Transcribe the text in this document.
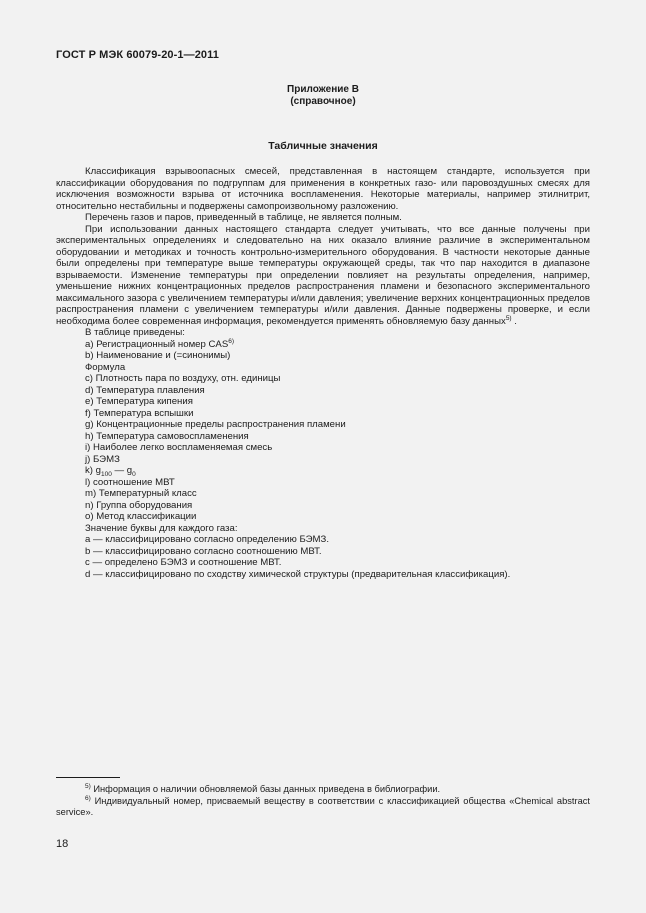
ГОСТ Р МЭК 60079-20-1—2011
Приложение В
(справочное)
Табличные значения

Классификация взрывоопасных смесей, представленная в настоящем стандарте, используется при классификации оборудования по подгруппам для применения в конкретных газо- или паровоздушных смесях для исключения возможности взрыва от источника воспламенения. Некоторые материалы, например этилнитрит, относительно нестабильны и подвержены самопроизвольному разложению.

Перечень газов и паров, приведенный в таблице, не является полным.

При использовании данных настоящего стандарта следует учитывать, что все данные получены при экспериментальных определениях и следовательно на них оказало влияние различие в экспериментальном оборудовании и методиках и точность контрольно-измерительного оборудования. В частности некоторые данные были определены при температуре выше температуры окружающей среды, так что пар находится в диапазоне взрываемости. Изменение температуры при определении повлияет на результаты определения, например, уменьшение нижних концентрационных пределов распространения пламени и безопасного экспериментального максимального зазора с увеличением температуры и/или давления; увеличение верхних концентрационных пределов распространения пламени с увеличением температуры и/или давления. Данные подвержены проверке, и если необходима более современная информация, рекомендуется применять обновляемую базу данных$^{5)}$ .

В таблице приведены:

а) Регистрационный номер CAS$^{6)}$
b) Наименование и (=синонимы)
Формула
c) Плотность пара по воздуху, отн. единицы
d) Температура плавления
e) Температура кипения
f) Температура вспышки
g) Концентрационные пределы распространения пламени
h) Температура самовоспламенения
i) Наиболее легко воспламеняемая смесь
j) БЭМЗ
k) $g_{100}$ — $g_0$
l) соотношение МВТ
m) Температурный класс
n) Группа оборудования
o) Метод классификации
Значение буквы для каждого газа:
а — классифицировано согласно определению БЭМЗ.
b — классифицировано согласно соотношению МВТ.
с — определено БЭМЗ и соотношение МВТ.
d — классифицировано по сходству химической структуры (предварительная классификация).

$^{5)}$ Информация о наличии обновляемой базы данных приведена в библиографии.

$^{6)}$ Индивидуальный номер, присваемый веществу в соответствии с классификацией общества «Chemical abstract service».

18
